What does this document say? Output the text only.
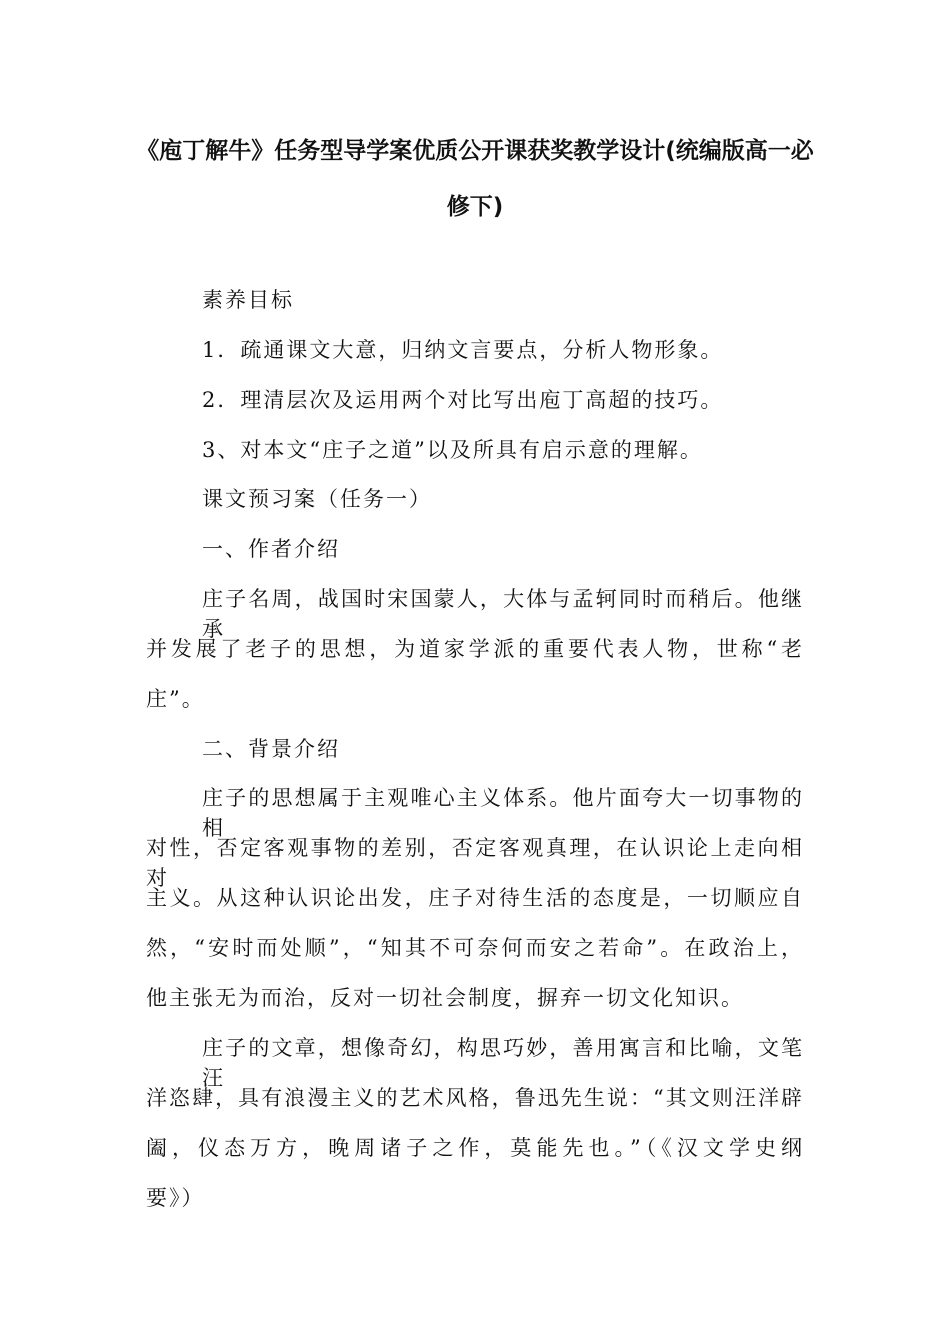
《庖丁解牛》任务型导学案优质公开课获奖教学设计(统编版高一必
修下)
素养目标
1．疏通课文大意，归纳文言要点，分析人物形象。
2．理清层次及运用两个对比写出庖丁高超的技巧。
3、对本文“庄子之道”以及所具有启示意的理解。
课文预习案（任务一）
一、作者介绍
庄子名周，战国时宋国蒙人，大体与孟轲同时而稍后。他继承
并发展了老子的思想，为道家学派的重要代表人物，世称“老
庄”。
二、背景介绍
庄子的思想属于主观唯心主义体系。他片面夸大一切事物的相
对性，否定客观事物的差别，否定客观真理，在认识论上走向相对
主义。从这种认识论出发，庄子对待生活的态度是，一切顺应自
然，“安时而处顺”，“知其不可奈何而安之若命”。在政治上，
他主张无为而治，反对一切社会制度，摒弃一切文化知识。
庄子的文章，想像奇幻，构思巧妙，善用寓言和比喻，文笔汪
洋恣肆，具有浪漫主义的艺术风格，鲁迅先生说：“其文则汪洋辟
阖，仪态万方，晚周诸子之作，莫能先也。”（《汉文学史纲
要》）
